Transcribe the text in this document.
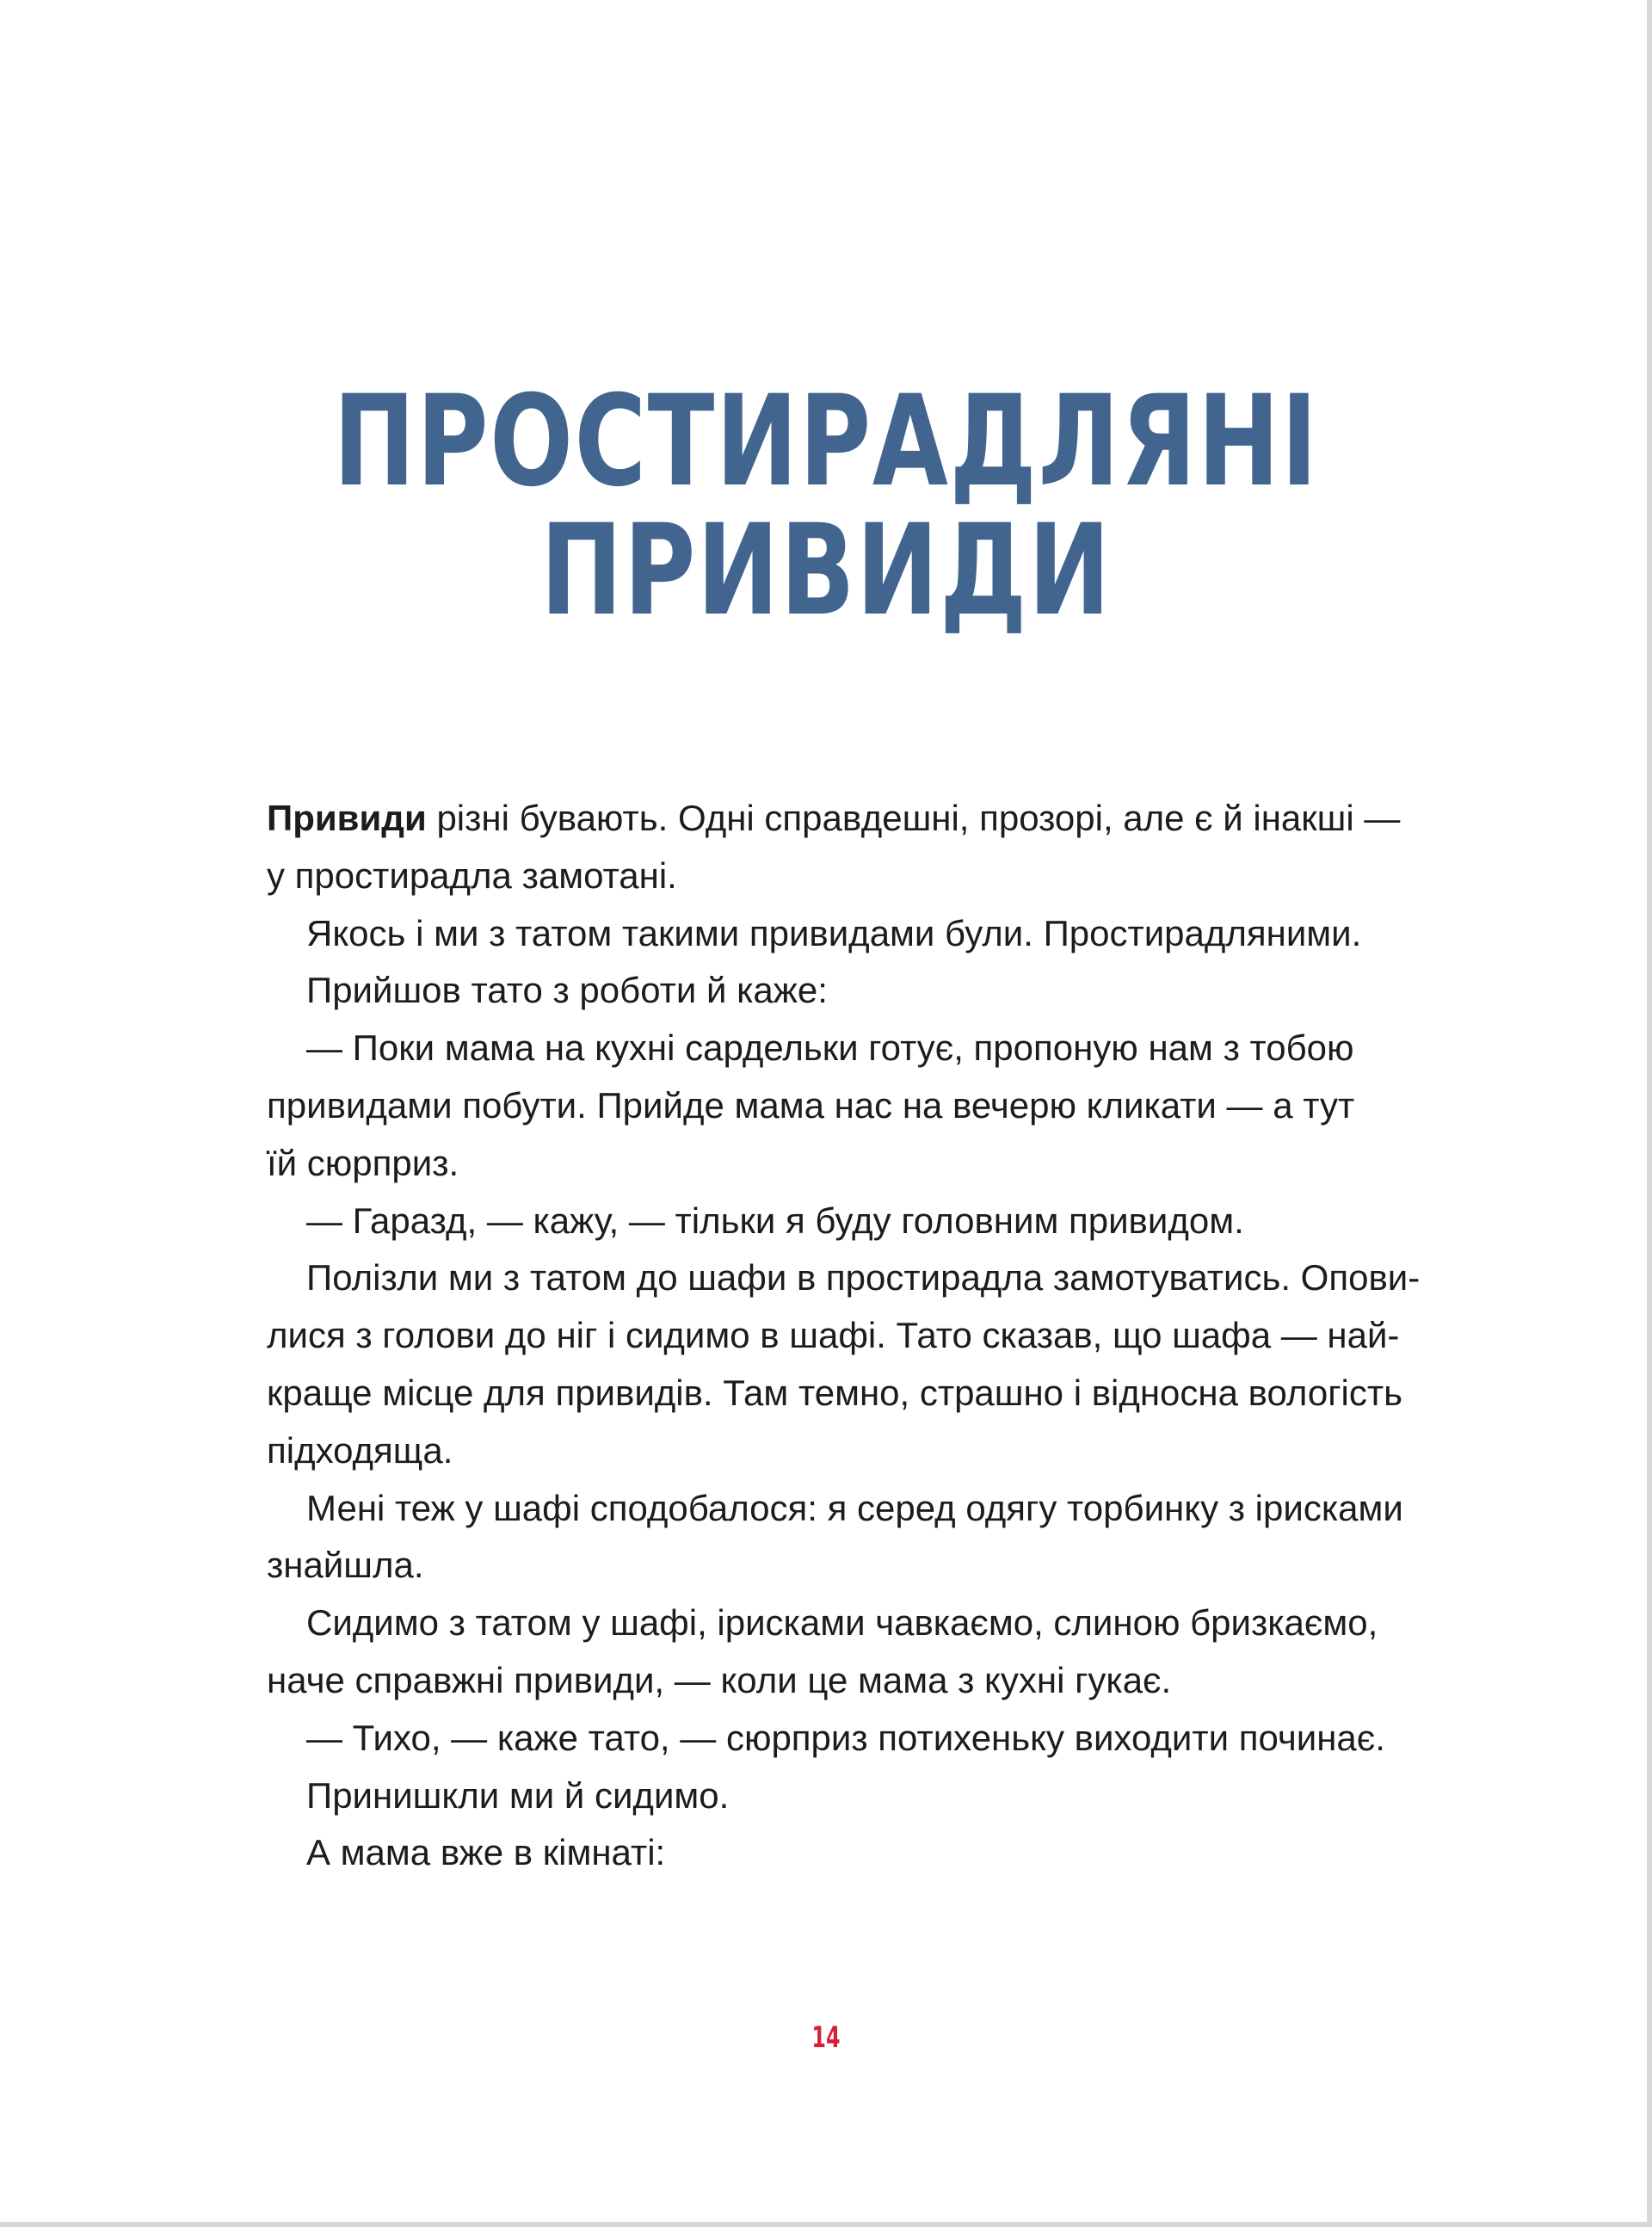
ПРОСТИРАДЛЯНІ
ПРИВИДИ

Привиди різні бувають. Одні справдешні, прозорі, але є й інакші —
у простирадла замотані.

Якось і ми з татом такими привидами були. Простирадляними.

Прийшов тато з роботи й каже:

— Поки мама на кухні сардельки готує, пропоную нам з тобою
привидами побути. Прийде мама нас на вечерю кликати — а тут
їй сюрприз.

— Гаразд, — кажу, — тільки я буду головним привидом.

Полізли ми з татом до шафи в простирадла замотуватись. Опови-
лися з голови до ніг і сидимо в шафі. Тато сказав, що шафа — най-
краще місце для привидів. Там темно, страшно і відносна вологість
підходяща.

Мені теж у шафі сподобалося: я серед одягу торбинку з ірисками
знайшла.

Сидимо з татом у шафі, ірисками чавкаємо, слиною бризкаємо,
наче справжні привиди, — коли це мама з кухні гукає.

— Тихо, — каже тато, — сюрприз потихеньку виходити починає.

Принишкли ми й сидимо.

А мама вже в кімнаті:

14
